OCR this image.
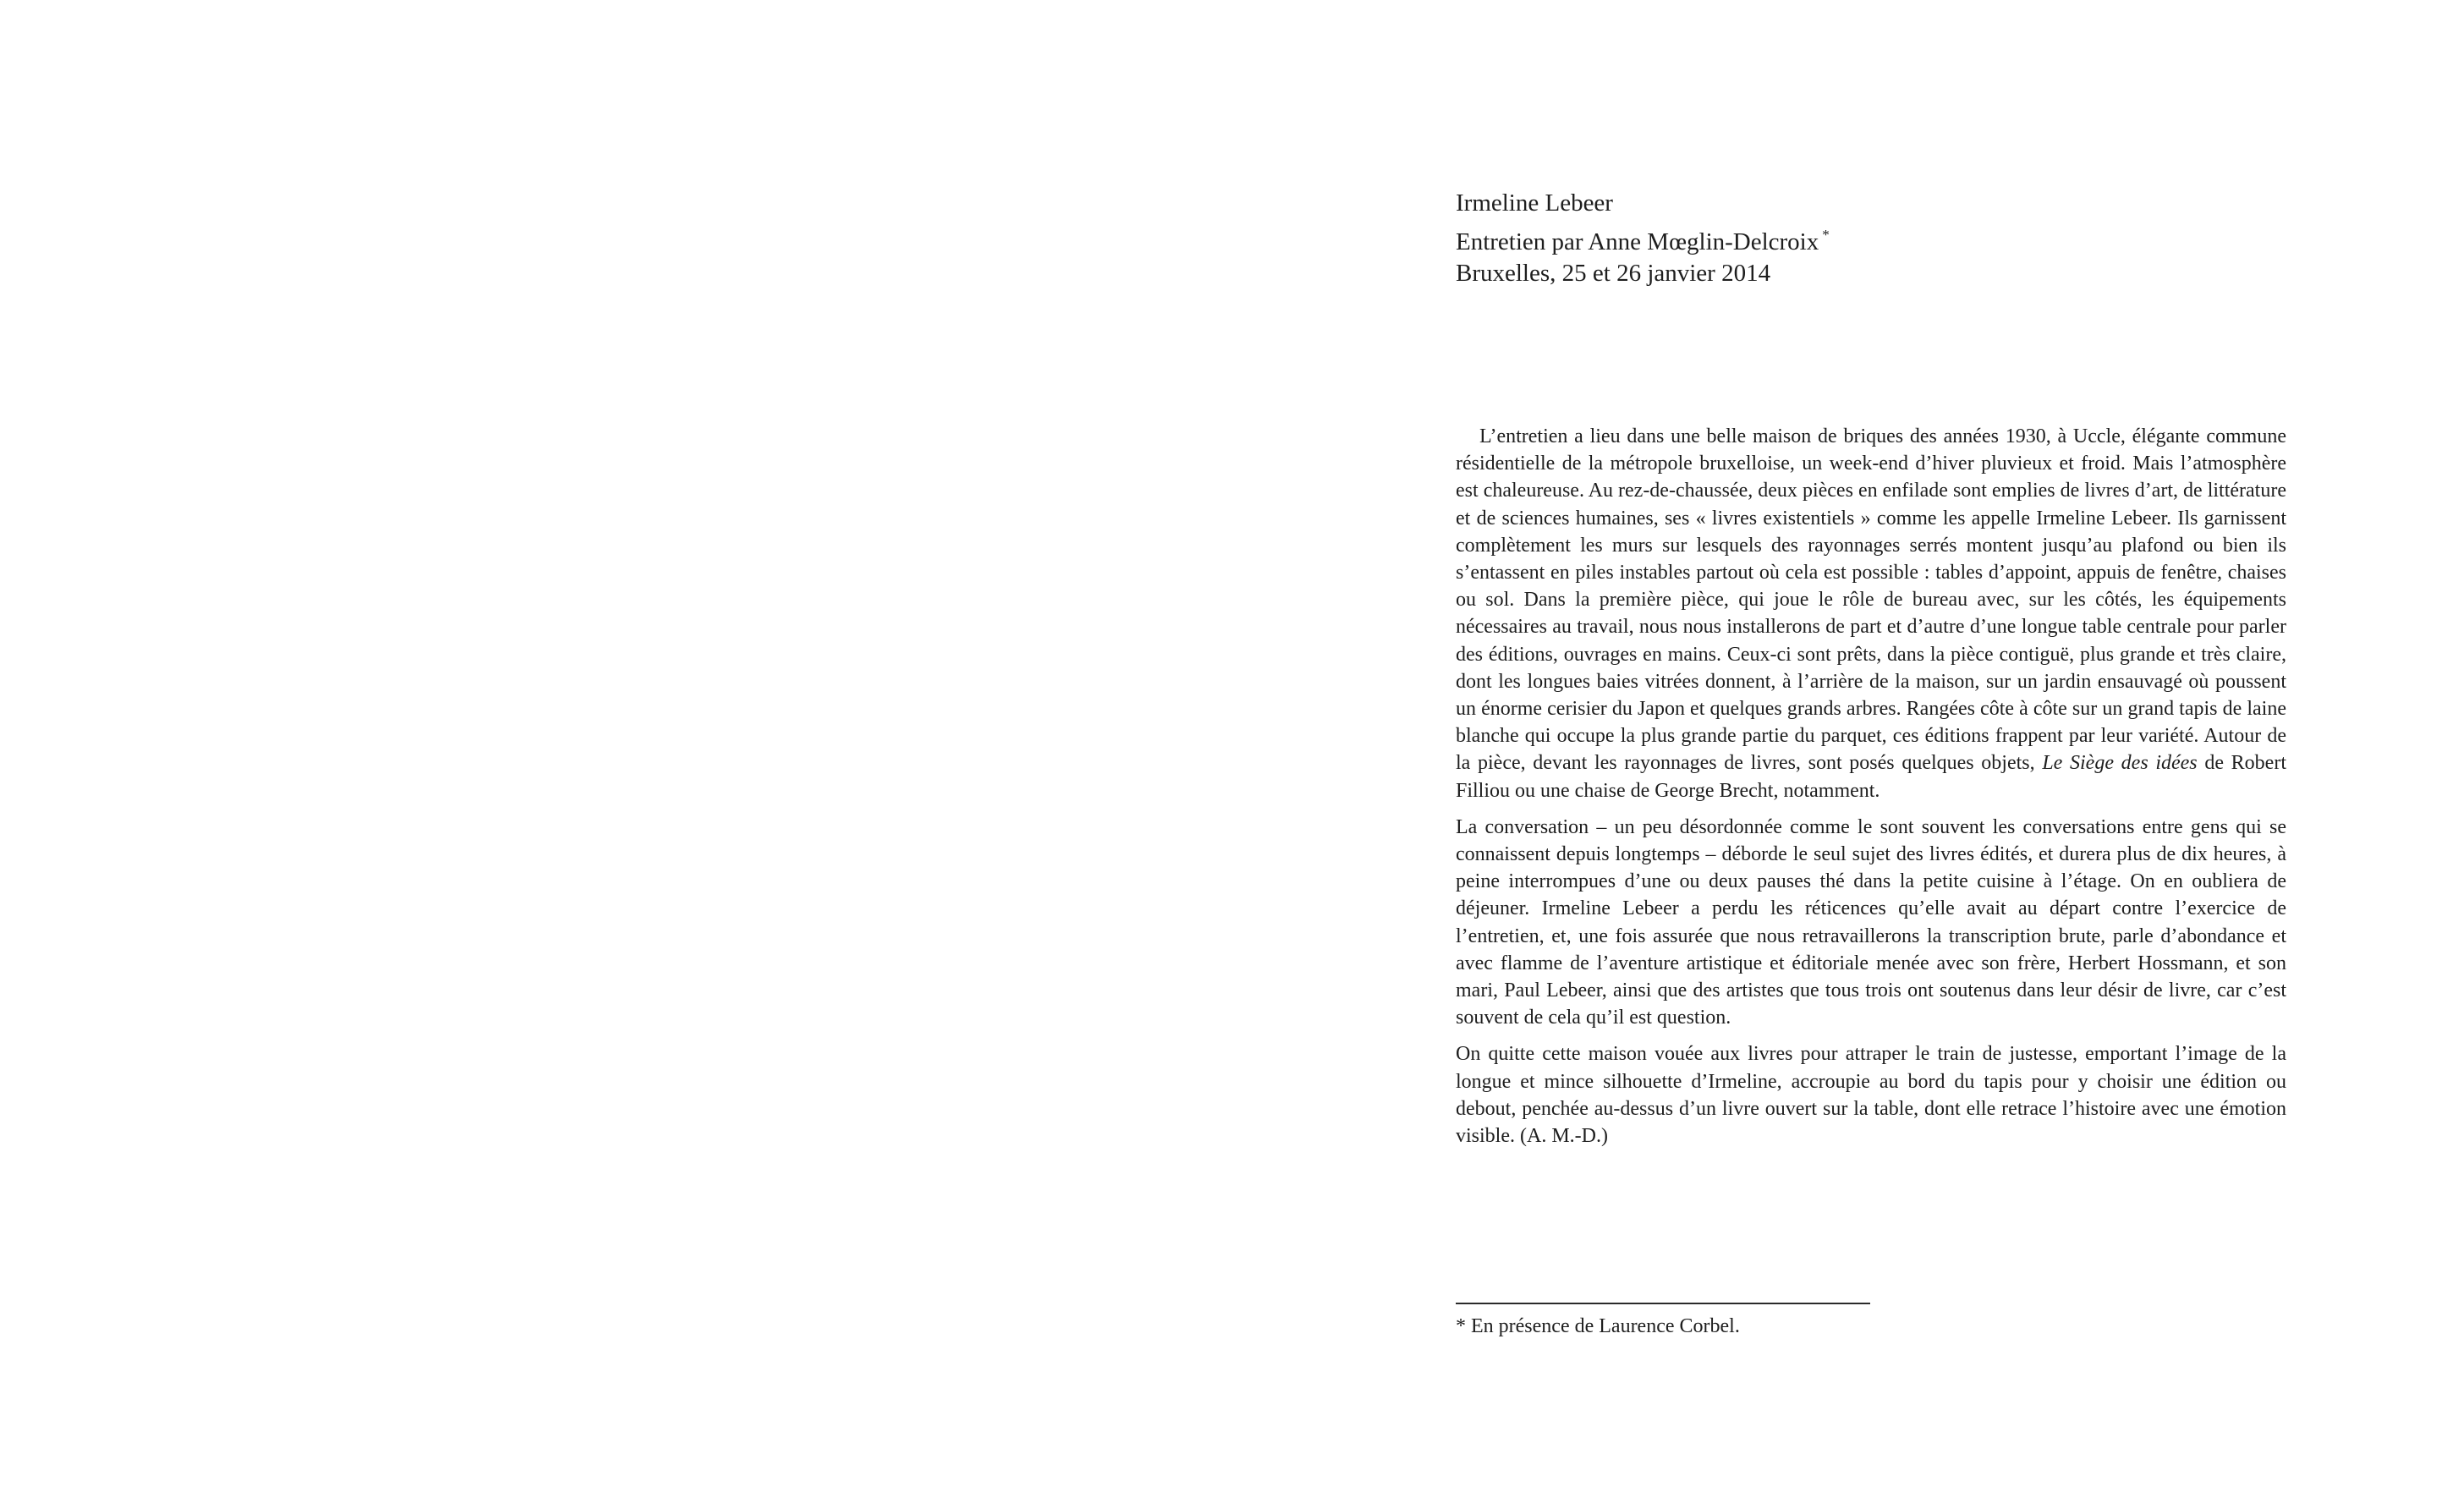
Irmeline Lebeer
Entretien par Anne Mœglin-Delcroix *
Bruxelles, 25 et 26 janvier 2014

L’entretien a lieu dans une belle maison de briques des années 1930, à Uccle, élégante commune résidentielle de la métropole bruxelloise, un week-end d’hiver pluvieux et froid. Mais l’atmosphère est chaleureuse. Au rez-de-chaussée, deux pièces en enfilade sont emplies de livres d’art, de littérature et de sciences humaines, ses « livres existentiels » comme les appelle Irmeline Lebeer. Ils garnissent complètement les murs sur lesquels des rayonnages serrés montent jusqu’au plafond ou bien ils s’entassent en piles instables partout où cela est possible : tables d’appoint, appuis de fenêtre, chaises ou sol. Dans la première pièce, qui joue le rôle de bureau avec, sur les côtés, les équipements nécessaires au travail, nous nous installerons de part et d’autre d’une longue table centrale pour parler des éditions, ouvrages en mains. Ceux-ci sont prêts, dans la pièce contiguë, plus grande et très claire, dont les longues baies vitrées donnent, à l’arrière de la maison, sur un jardin ensauvagé où poussent un énorme cerisier du Japon et quelques grands arbres. Rangées côte à côte sur un grand tapis de laine blanche qui occupe la plus grande partie du parquet, ces éditions frappent par leur variété. Autour de la pièce, devant les rayonnages de livres, sont posés quelques objets, Le Siège des idées de Robert Filliou ou une chaise de George Brecht, notamment.

La conversation – un peu désordonnée comme le sont souvent les conversations entre gens qui se connaissent depuis longtemps – déborde le seul sujet des livres édités, et durera plus de dix heures, à peine interrompues d’une ou deux pauses thé dans la petite cuisine à l’étage. On en oubliera de déjeuner. Irmeline Lebeer a perdu les réticences qu’elle avait au départ contre l’exercice de l’entretien, et, une fois assurée que nous retravaillerons la transcription brute, parle d’abondance et avec flamme de l’aventure artistique et éditoriale menée avec son frère, Herbert Hossmann, et son mari, Paul Lebeer, ainsi que des artistes que tous trois ont soutenus dans leur désir de livre, car c’est souvent de cela qu’il est question.

On quitte cette maison vouée aux livres pour attraper le train de justesse, emportant l’image de la longue et mince silhouette d’Irmeline, accroupie au bord du tapis pour y choisir une édition ou debout, penchée au-dessus d’un livre ouvert sur la table, dont elle retrace l’histoire avec une émotion visible. (A. M.-D.)

* En présence de Laurence Corbel.
